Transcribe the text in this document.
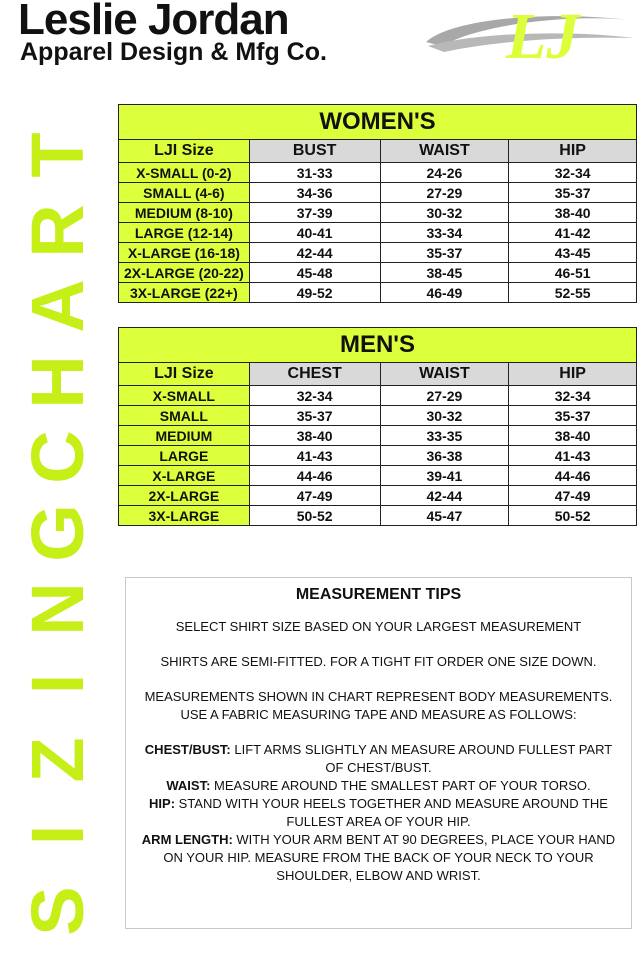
Leslie Jordan
Apparel Design & Mfg Co.	LJ
T
R
A
H
C
G
N
I
Z
I
S
WOMEN'S			
LJI Size	BUST	WAIST	HIP
X-SMALL (0-2)	31-33	24-26	32-34
SMALL (4-6)	34-36	27-29	35-37
MEDIUM (8-10)	37-39	30-32	38-40
LARGE (12-14)	40-41	33-34	41-42
X-LARGE (16-18)	42-44	35-37	43-45
2X-LARGE (20-22)	45-48	38-45	46-51
3X-LARGE (22+)	49-52	46-49	52-55
MEN'S			
LJI Size	CHEST	WAIST	HIP
X-SMALL	32-34	27-29	32-34
SMALL	35-37	30-32	35-37
MEDIUM	38-40	33-35	38-40
LARGE	41-43	36-38	41-43
X-LARGE	44-46	39-41	44-46
2X-LARGE	47-49	42-44	47-49
3X-LARGE	50-52	45-47	50-52
MEASUREMENT TIPS

SELECT SHIRT SIZE BASED ON YOUR LARGEST MEASUREMENT

SHIRTS ARE SEMI-FITTED. FOR A TIGHT FIT ORDER ONE SIZE DOWN.

MEASUREMENTS SHOWN IN CHART REPRESENT BODY MEASUREMENTS. USE A FABRIC MEASURING TAPE AND MEASURE AS FOLLOWS:

CHEST/BUST: LIFT ARMS SLIGHTLY AN MEASURE AROUND FULLEST PART OF CHEST/BUST.

WAIST: MEASURE AROUND THE SMALLEST PART OF YOUR TORSO.

HIP: STAND WITH YOUR HEELS TOGETHER AND MEASURE AROUND THE FULLEST AREA OF YOUR HIP.

ARM LENGTH: WITH YOUR ARM BENT AT 90 DEGREES, PLACE YOUR HAND ON YOUR HIP. MEASURE FROM THE BACK OF YOUR NECK TO YOUR SHOULDER, ELBOW AND WRIST.
